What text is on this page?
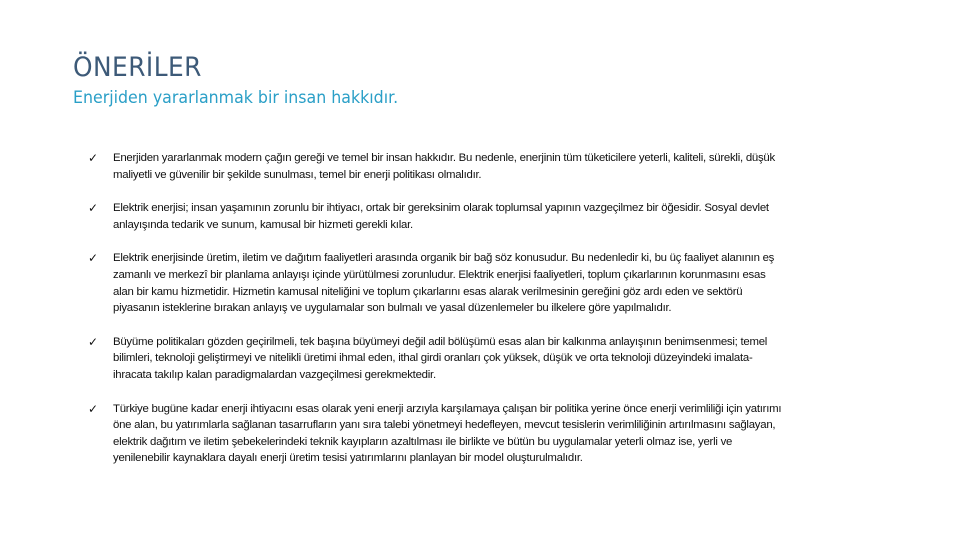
ÖNERİLER
Enerjiden yararlanmak bir insan hakkıdır.
✓ Enerjiden yararlanmak modern çağın gereği ve temel bir insan hakkıdır. Bu nedenle, enerjinin tüm tüketicilere yeterli, kaliteli, sürekli, düşük maliyetli ve güvenilir bir şekilde sunulması, temel bir enerji politikası olmalıdır.
✓ Elektrik enerjisi; insan yaşamının zorunlu bir ihtiyacı, ortak bir gereksinim olarak toplumsal yapının vazgeçilmez bir öğesidir. Sosyal devlet anlayışında tedarik ve sunum, kamusal bir hizmeti gerekli kılar.
✓ Elektrik enerjisinde üretim, iletim ve dağıtım faaliyetleri arasında organik bir bağ söz konusudur. Bu nedenledir ki, bu üç faaliyet alanının eş zamanlı ve merkezî bir planlama anlayışı içinde yürütülmesi zorunludur. Elektrik enerjisi faaliyetleri, toplum çıkarlarının korunmasını esas alan bir kamu hizmetidir. Hizmetin kamusal niteliğini ve toplum çıkarlarını esas alarak verilmesinin gereğini göz ardı eden ve sektörü piyasanın isteklerine bırakan anlayış ve uygulamalar son bulmalı ve yasal düzenlemeler bu ilkelere göre yapılmalıdır.
✓ Büyüme politikaları gözden geçirilmeli, tek başına büyümeyi değil adil bölüşümü esas alan bir kalkınma anlayışının benimsenmesi; temel bilimleri, teknoloji geliştirmeyi ve nitelikli üretimi ihmal eden, ithal girdi oranları çok yüksek, düşük ve orta teknoloji düzeyindeki imalata-ihracata takılıp kalan paradigmalardan vazgeçilmesi gerekmektedir.
✓ Türkiye bugüne kadar enerji ihtiyacını esas olarak yeni enerji arzıyla karşılamaya çalışan bir politika yerine önce enerji verimliliği için yatırımı öne alan, bu yatırımlarla sağlanan tasarrufların yanı sıra talebi yönetmeyi hedefleyen, mevcut tesislerin verimliliğinin artırılmasını sağlayan, elektrik dağıtım ve iletim şebekelerindeki teknik kayıpların azaltılması ile birlikte ve bütün bu uygulamalar yeterli olmaz ise, yerli ve yenilenebilir kaynaklara dayalı enerji üretim tesisi yatırımlarını planlayan bir model oluşturulmalıdır.
